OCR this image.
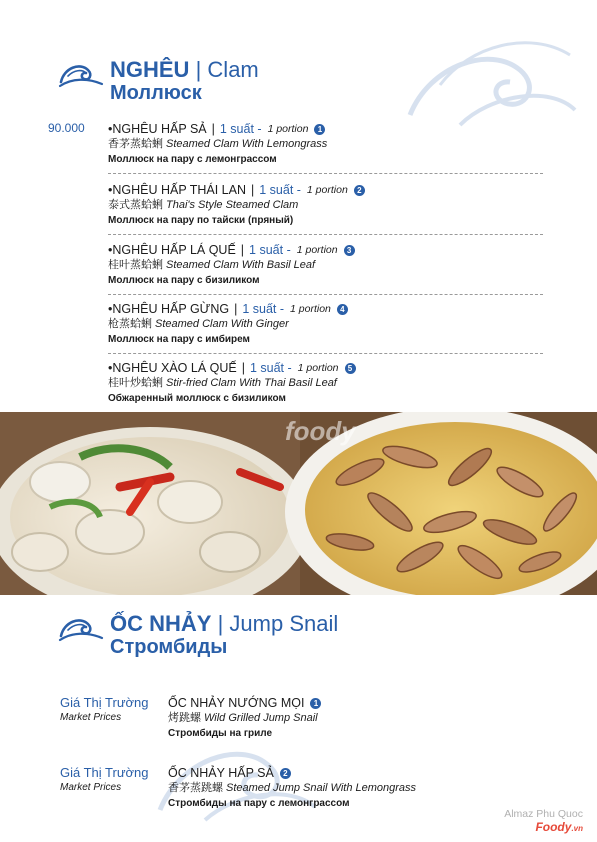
NGHÊU | Clam
Моллюск
90.000 •NGHÊU HẤP SẢ | 1 suất - 1 portion	1
香茅蒸蛤蜊 Steamed Clam With Lemongrass
Моллюск на пару с лемонграссом
•NGHÊU HẤP THÁI LAN | 1 suất - 1 portion	2
泰式蒸蛤蜊 Thai's Style Steamed Clam
Моллюск на пару по тайски (пряный)
•NGHÊU HẤP LÁ QUẾ | 1 suất - 1 portion	3
桂叶蒸蛤蜊 Steamed Clam With Basil Leaf
Моллюск на пару с бизиликом
•NGHÊU HẤP GỪNG | 1 suất - 1 portion	4
枪蒸蛤蜊 Steamed Clam With Ginger
Моллюск на пару с имбирем
•NGHÊU XÀO LÁ QUẾ | 1 suất - 1 portion	5
桂叶炒蛤蜊 Stir-fried Clam With Thai Basil Leaf
Обжаренный моллюск с бизиликом
foody
ỐC NHẢY | Jump Snail
Стромбиды
Giá Thị Trường
Market Prices
ỐC NHẢY NƯỚNG MỌI	1
烤跳螺 Wild Grilled Jump Snail
Стромбиды на гриле
Giá Thị Trường
Market Prices
ỐC NHẢY HẤP SẢ	2
香茅蒸跳螺 Steamed Jump Snail With Lemongrass
Стромбиды на пару с лемонграссом
Almaz Phu Quoc
Foody.vn
